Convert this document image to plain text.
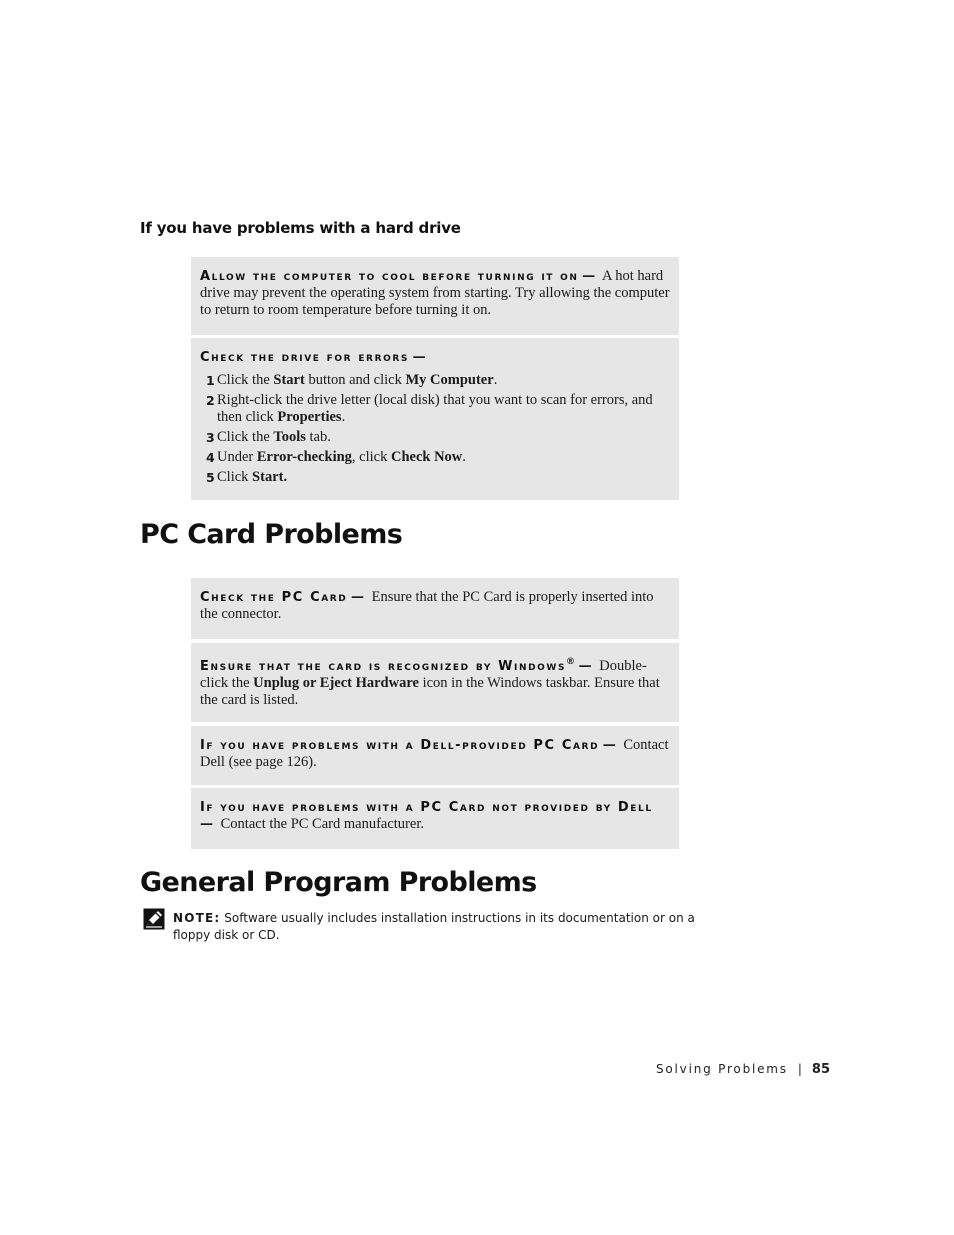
If you have problems with a hard drive
Allow the computer to cool before turning it on — A hot hard drive may prevent the operating system from starting. Try allowing the computer to return to room temperature before turning it on.
Check the drive for errors —
1 Click the Start button and click My Computer.
2 Right-click the drive letter (local disk) that you want to scan for errors, and then click Properties.
3 Click the Tools tab.
4 Under Error-checking, click Check Now.
5 Click Start.
PC Card Problems
Check the PC Card — Ensure that the PC Card is properly inserted into the connector.
Ensure that the card is recognized by Windows® — Double-click the Unplug or Eject Hardware icon in the Windows taskbar. Ensure that the card is listed.
If you have problems with a Dell-provided PC Card — Contact Dell (see page 126).
If you have problems with a PC Card not provided by Dell — Contact the PC Card manufacturer.
General Program Problems
NOTE: Software usually includes installation instructions in its documentation or on a floppy disk or CD.
Solving Problems | 85
